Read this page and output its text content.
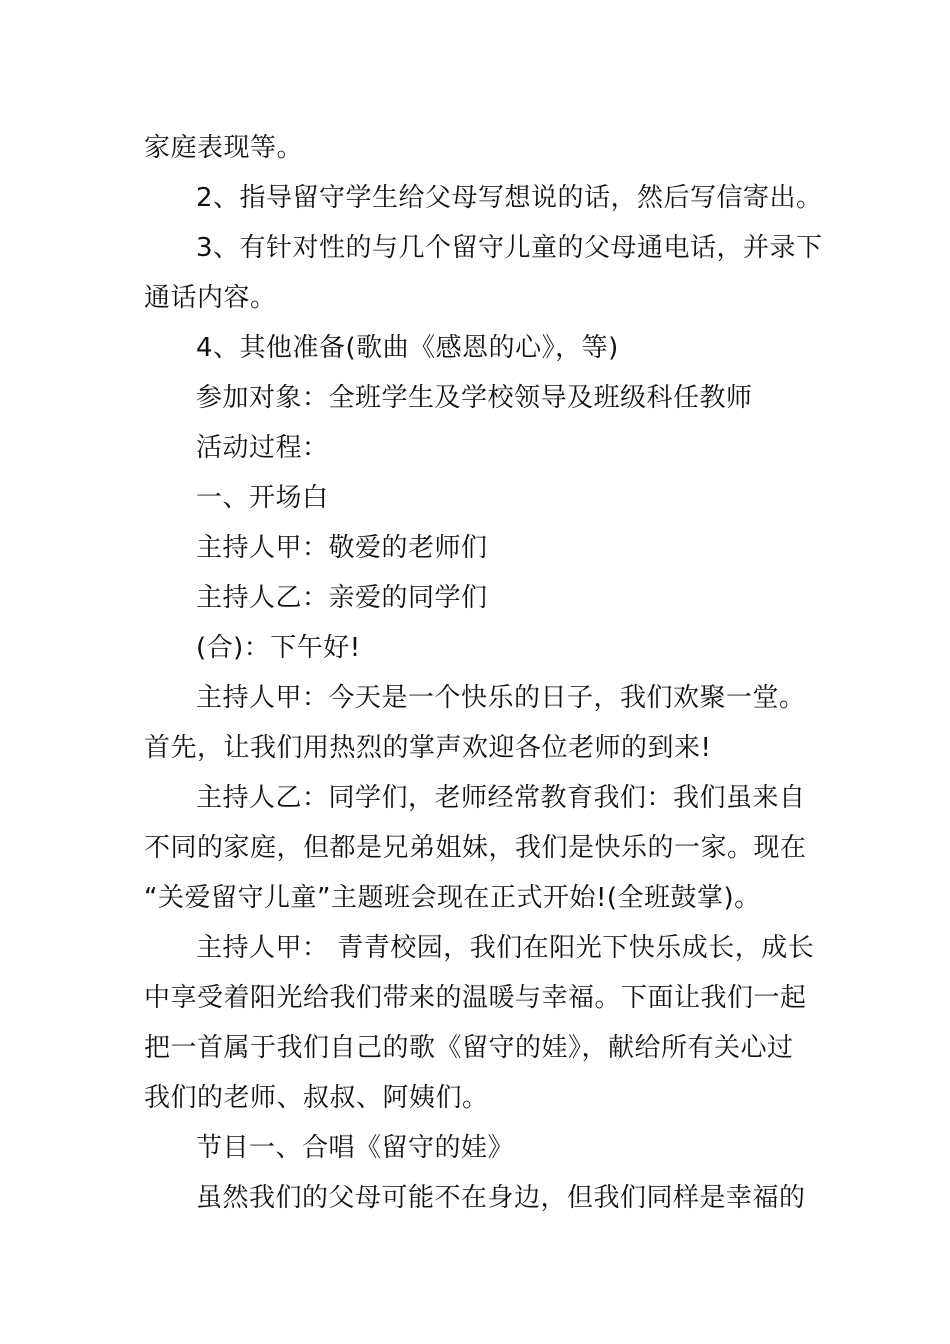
家庭表现等。
2、指导留守学生给父母写想说的话，然后写信寄出。
3、有针对性的与几个留守儿童的父母通电话，并录下
通话内容。
4、其他准备(歌曲《感恩的心》，等)
参加对象：全班学生及学校领导及班级科任教师
活动过程：
一、开场白
主持人甲：敬爱的老师们
主持人乙：亲爱的同学们
(合)：下午好!
主持人甲：今天是一个快乐的日子，我们欢聚一堂。
首先，让我们用热烈的掌声欢迎各位老师的到来!
主持人乙：同学们，老师经常教育我们：我们虽来自
不同的家庭，但都是兄弟姐妹，我们是快乐的一家。现在
“关爱留守儿童”主题班会现在正式开始!(全班鼓掌)。
主持人甲： 青青校园，我们在阳光下快乐成长，成长
中享受着阳光给我们带来的温暖与幸福。下面让我们一起
把一首属于我们自己的歌《留守的娃》，献给所有关心过
我们的老师、叔叔、阿姨们。
节目一、合唱《留守的娃》
虽然我们的父母可能不在身边，但我们同样是幸福的
